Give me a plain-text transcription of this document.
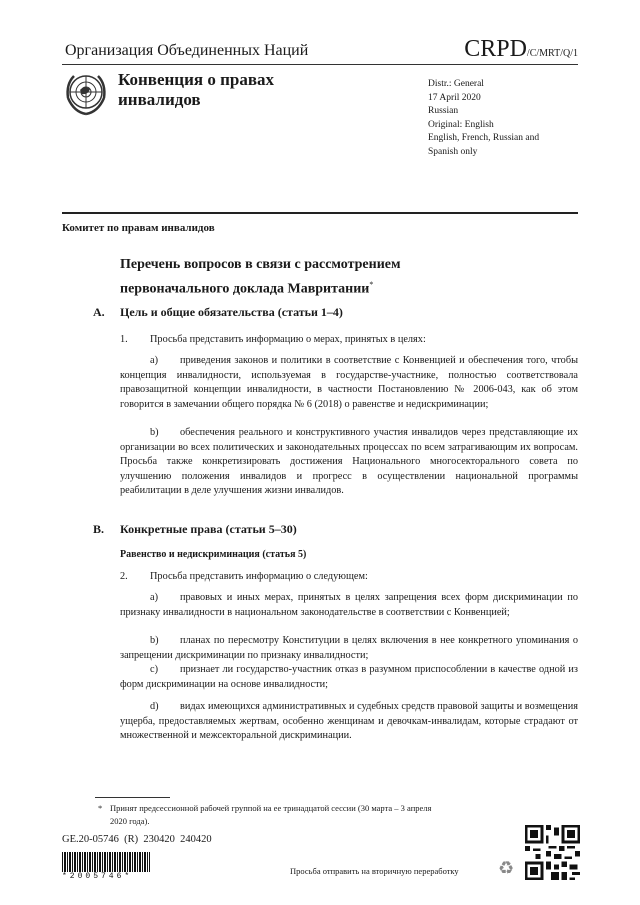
Организация Объединенных Наций	CRPD/C/MRT/Q/1
Конвенция о правах
инвалидов
Distr.: General
17 April 2020
Russian
Original: English
English, French, Russian and
Spanish only
Комитет по правам инвалидов
Перечень вопросов в связи с рассмотрением
первоначального доклада Мавритании*
A. Цель и общие обязательства (статьи 1–4)
1. Просьба представить информацию о мерах, принятых в целях:
a) приведения законов и политики в соответствие с Конвенцией и обеспечения того, чтобы концепция инвалидности, используемая в государстве-участнике, полностью соответствовала правозащитной концепции инвалидности, в частности Постановлению № 2006-043, как об этом говорится в замечании общего порядка № 6 (2018) о равенстве и недискриминации;
b) обеспечения реального и конструктивного участия инвалидов через представляющие их организации во всех политических и законодательных процессах по всем затрагивающим их вопросам. Просьба также конкретизировать достижения Национального многосекторального совета по улучшению положения инвалидов и прогресс в осуществлении национальной программы реабилитации в деле улучшения жизни инвалидов.
B. Конкретные права (статьи 5–30)
Равенство и недискриминация (статья 5)
2. Просьба представить информацию о следующем:
a) правовых и иных мерах, принятых в целях запрещения всех форм дискриминации по признаку инвалидности в национальном законодательстве в соответствии с Конвенцией;
b) планах по пересмотру Конституции в целях включения в нее конкретного упоминания о запрещении дискриминации по признаку инвалидности;
c) признает ли государство-участник отказ в разумном приспособлении в качестве одной из форм дискриминации на основе инвалидности;
d) видах имеющихся административных и судебных средств правовой защиты и возмещения ущерба, предоставляемых жертвам, особенно женщинам и девочкам-инвалидам, которые страдают от множественной и межсекторальной дискриминации.
* Принят предсессионной рабочей группой на ее тринадцатой сессии (30 марта – 3 апреля 2020 года).
GE.20-05746  (R)  230420  240420
*2005746*
Просьба отправить на вторичную переработку ♻
